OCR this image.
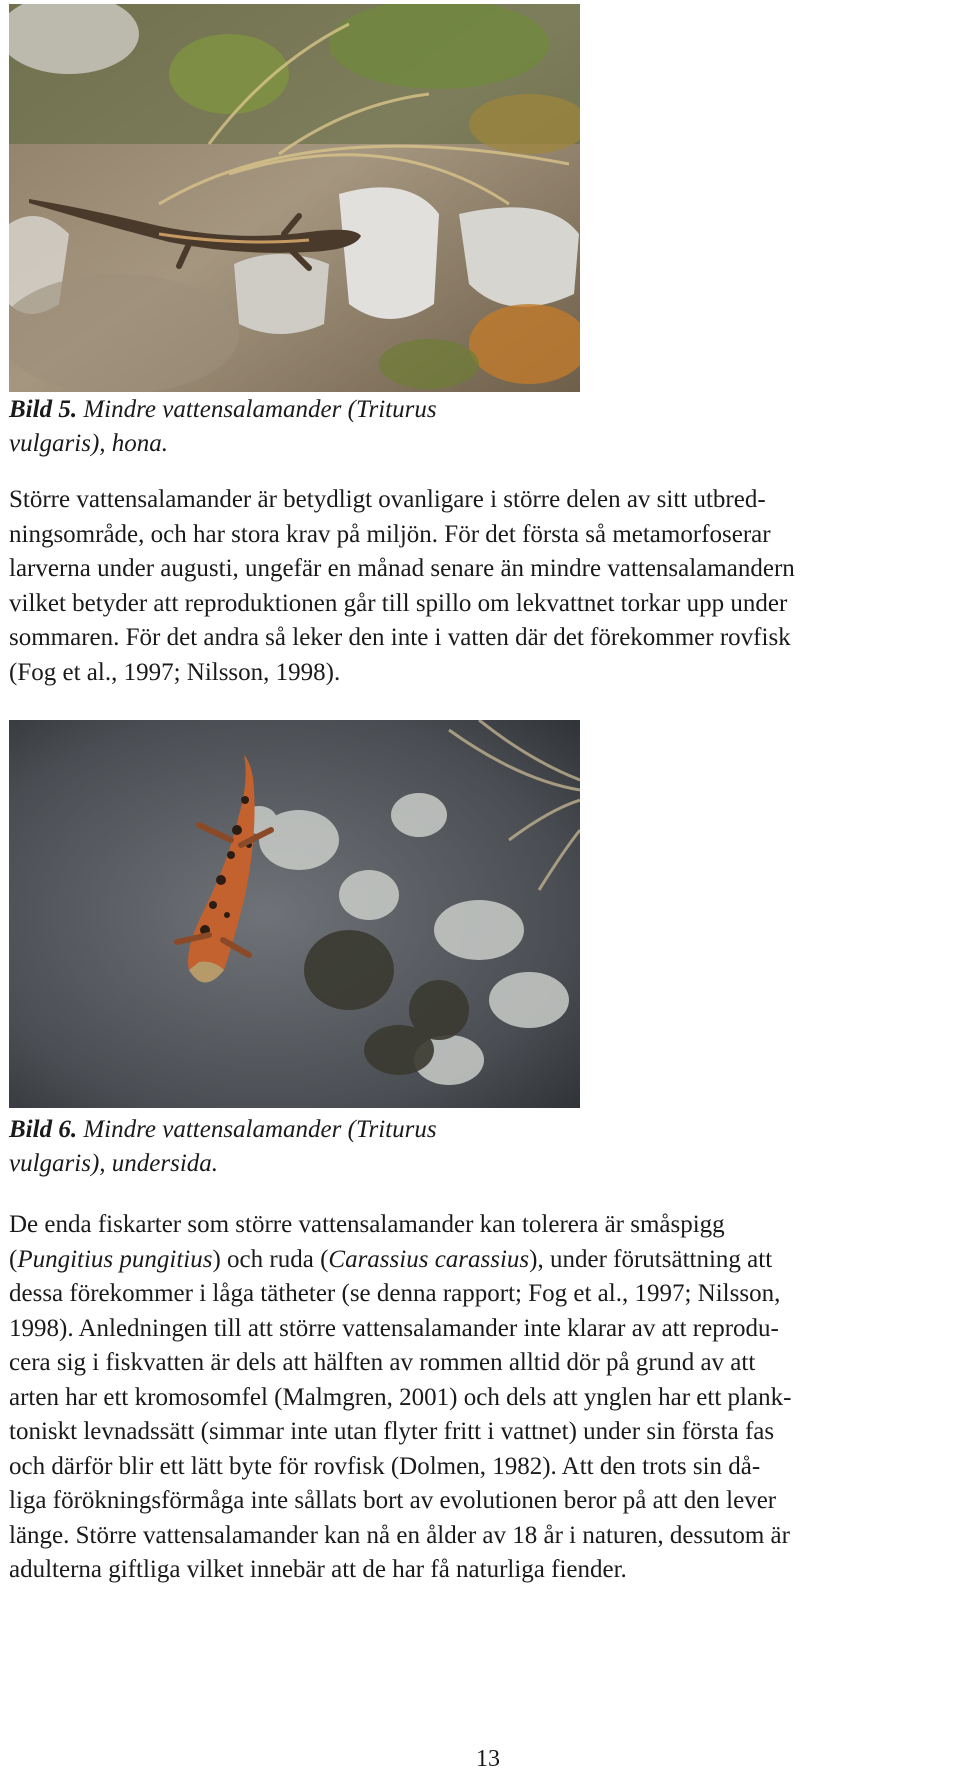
Bild 5. Mindre vattensalamander (Triturus
vulgaris), hona.
Större vattensalamander är betydligt ovanligare i större delen av sitt utbred-
ningsområde, och har stora krav på miljön. För det första så metamorfoserar
larverna under augusti, ungefär en månad senare än mindre vattensalamandern
vilket betyder att reproduktionen går till spillo om lekvattnet torkar upp under
sommaren. För det andra så leker den inte i vatten där det förekommer rovfisk
(Fog et al., 1997; Nilsson, 1998).
Bild 6. Mindre vattensalamander (Triturus
vulgaris), undersida.
De enda fiskarter som större vattensalamander kan tolerera är småspigg
(Pungitius pungitius) och ruda (Carassius carassius), under förutsättning att
dessa förekommer i låga tätheter (se denna rapport; Fog et al., 1997; Nilsson,
1998). Anledningen till att större vattensalamander inte klarar av att reprodu-
cera sig i fiskvatten är dels att hälften av rommen alltid dör på grund av att
arten har ett kromosomfel (Malmgren, 2001) och dels att ynglen har ett plank-
toniskt levnadssätt (simmar inte utan flyter fritt i vattnet) under sin första fas
och därför blir ett lätt byte för rovfisk (Dolmen, 1982). Att den trots sin då-
liga förökningsförmåga inte sållats bort av evolutionen beror på att den lever
länge. Större vattensalamander kan nå en ålder av 18 år i naturen, dessutom är
adulterna giftliga vilket innebär att de har få naturliga fiender.
13
